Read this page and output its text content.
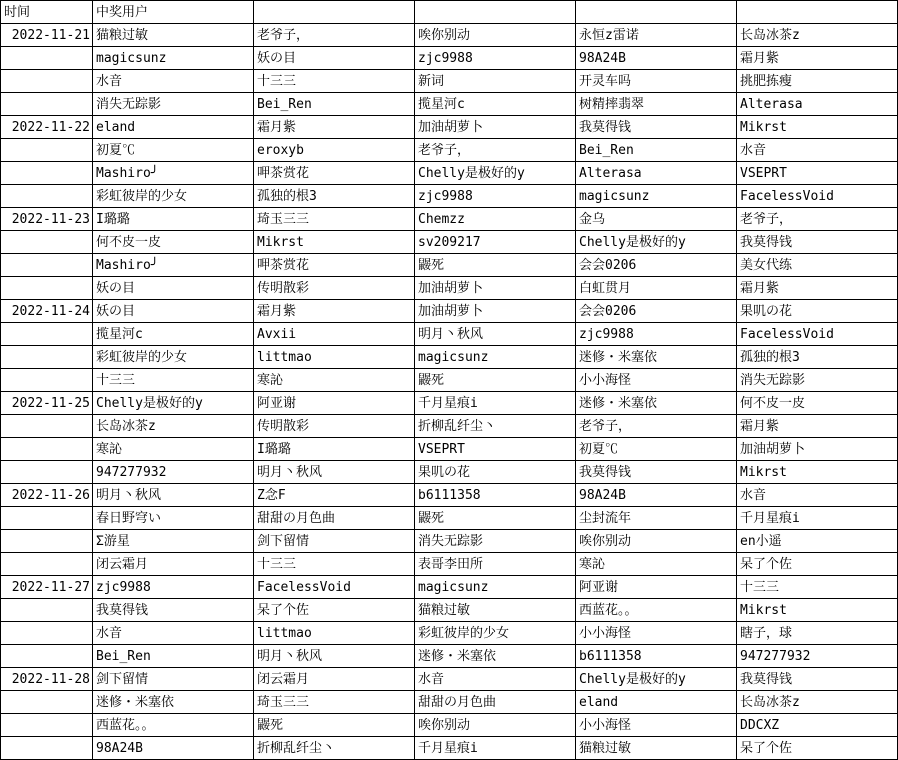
时间	中奖用户				
2022-11-21	猫粮过敏	老爷子，	唉你别动	永恒z雷诺	长岛冰茶z
	magicsunz	妖の目	zjc9988	98A24B	霜月紫
	水音	十三三	新词	开灵车吗	挑肥拣瘦
	消失无踪影	Bei_Ren	揽星河c	树精摔翡翠	Alterasa
2022-11-22	eland	霜月紫	加油胡萝卜	我莫得钱	Mikrst
	初夏℃	eroxyb	老爷子，	Bei_Ren	水音
	Mashiro╯	呷茶赏花	Chelly是极好的y	Alterasa	VSEPRT
	彩虹彼岸的少女	孤独的根3	zjc9988	magicsunz	FacelessVoid
2022-11-23	I璐璐	琦玉三三	Chemzz	金乌	老爷子，
	何不皮一皮	Mikrst	sv209217	Chelly是极好的y	我莫得钱
	Mashiro╯	呷茶赏花	鼹死	会会0206	美女代练
	妖の目	传明散彩	加油胡萝卜	白虹贯月	霜月紫
2022-11-24	妖の目	霜月紫	加油胡萝卜	会会0206	果叽の花
	揽星河c	Avxii	明月丶秋风	zjc9988	FacelessVoid
	彩虹彼岸的少女	littmao	magicsunz	迷修・米塞依	孤独的根3
	十三三	寒訫	鼹死	小小海怪	消失无踪影
2022-11-25	Chelly是极好的y	阿亚谢	千月星痕i	迷修・米塞依	何不皮一皮
	长岛冰茶z	传明散彩	折柳乱纤尘丶	老爷子，	霜月紫
	寒訫	I璐璐	VSEPRT	初夏℃	加油胡萝卜
	947277932	明月丶秋风	果叽の花	我莫得钱	Mikrst
2022-11-26	明月丶秋风	Z念F	b6111358	98A24B	水音
	春日野穹い	甜甜の月色曲	鼹死	尘封流年	千月星痕i
	Σ游星	剑下留情	消失无踪影	唉你别动	en小遥
	闭云霜月	十三三	表哥李田所	寒訫	呆了个佐
2022-11-27	zjc9988	FacelessVoid	magicsunz	阿亚谢	十三三
	我莫得钱	呆了个佐	猫粮过敏	西蓝花。。	Mikrst
	水音	littmao	彩虹彼岸的少女	小小海怪	瞎子，球
	Bei_Ren	明月丶秋风	迷修・米塞依	b6111358	947277932
2022-11-28	剑下留情	闭云霜月	水音	Chelly是极好的y	我莫得钱
	迷修・米塞依	琦玉三三	甜甜の月色曲	eland	长岛冰茶z
	西蓝花。。	鼹死	唉你别动	小小海怪	DDCXZ
	98A24B	折柳乱纤尘丶	千月星痕i	猫粮过敏	呆了个佐
